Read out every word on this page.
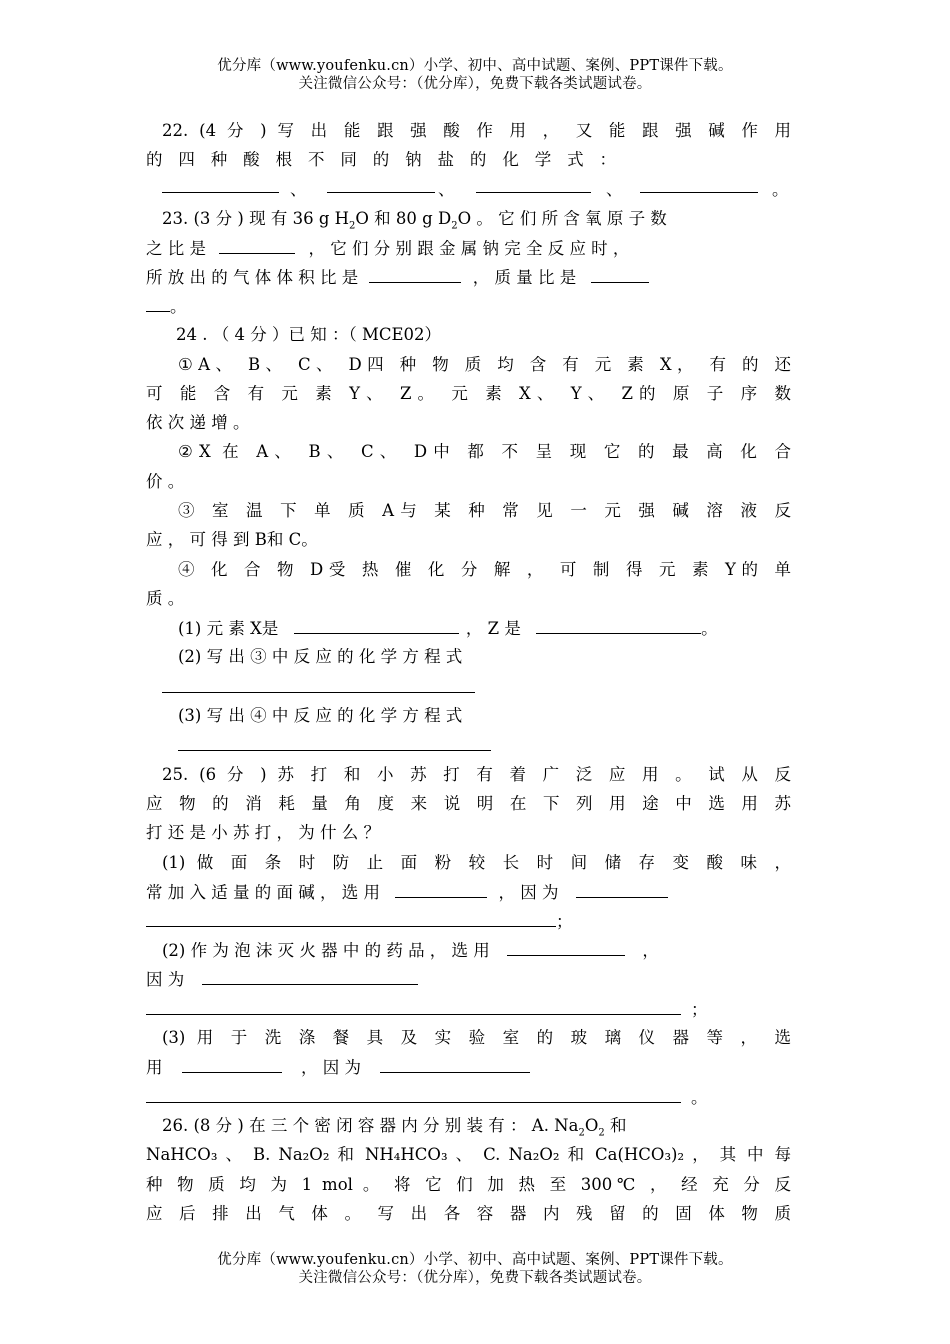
优分库（www.youfenku.cn）小学、初中、高中试题、案例、PPT课件下载。
关注微信公众号：（优分库），免费下载各类试题试卷。
22. (4 分 ) 写 出 能 跟 强 酸 作 用 ， 又 能 跟 强 碱 作 用
的 四 种 酸 根 不 同 的 钠 盐 的 化 学 式 ：
、	、	、	。
23. (3 分 ) 现 有 36 g $H_2O$ 和 80 g $D_2O$ 。 它 们 所 含 氧 原 子 数
之 比 是	， 它 们 分 别 跟 金 属 钠 完 全 反 应 时 ，
所 放 出 的 气 体 体 积 比 是	， 质 量 比 是
。
24 . （ 4 分 ）已 知 ：（ MCE02）
①A、 B、 C、 D四 种 物 质 均 含 有 元 素 X， 有 的 还
可 能 含 有 元 素 Y、 Z。 元 素 X、 Y、 Z的 原 子 序 数
依 次 递 增 。
②X 在 A、 B、 C、 D中 都 不 呈 现 它 的 最 高 化 合
价 。
③ 室 温 下 单 质 A与 某 种 常 见 一 元 强 碱 溶 液 反
应 ， 可 得 到 B和 C。
④ 化 合 物 D受 热 催 化 分 解 ， 可 制 得 元 素 Y的 单
质 。
(1) 元 素 X是	， Z 是	。
(2) 写 出 ③ 中 反 应 的 化 学 方 程 式
(3) 写 出 ④ 中 反 应 的 化 学 方 程 式
25. (6 分 ) 苏 打 和 小 苏 打 有 着 广 泛 应 用 。 试 从 反
应 物 的 消 耗 量 角 度 来 说 明 在 下 列 用 途 中 选 用 苏
打 还 是 小 苏 打 ， 为 什 么 ？
(1) 做 面 条 时 防 止 面 粉 较 长 时 间 储 存 变 酸 味 ，
常 加 入 适 量 的 面 碱 ， 选 用	， 因 为
；
(2) 作 为 泡 沫 灭 火 器 中 的 药 品 ， 选 用	，
因 为
；
(3) 用 于 洗 涤 餐 具 及 实 验 室 的 玻 璃 仪 器 等 ， 选
用	， 因 为
。
26. (8 分 ) 在 三 个 密 闭 容 器 内 分 别 装 有 ： A. $Na_2O_2$ 和
NaHCO₃ 、 B. Na₂O₂ 和 NH₄HCO₃ 、 C. Na₂O₂ 和 Ca(HCO₃)₂ ， 其 中 每
种 物 质 均 为 1 mol 。 将 它 们 加 热 至 300℃ ， 经 充 分 反
应 后 排 出 气 体 。 写 出 各 容 器 内 残 留 的 固 体 物 质
优分库（www.youfenku.cn）小学、初中、高中试题、案例、PPT课件下载。
关注微信公众号：（优分库），免费下载各类试题试卷。
